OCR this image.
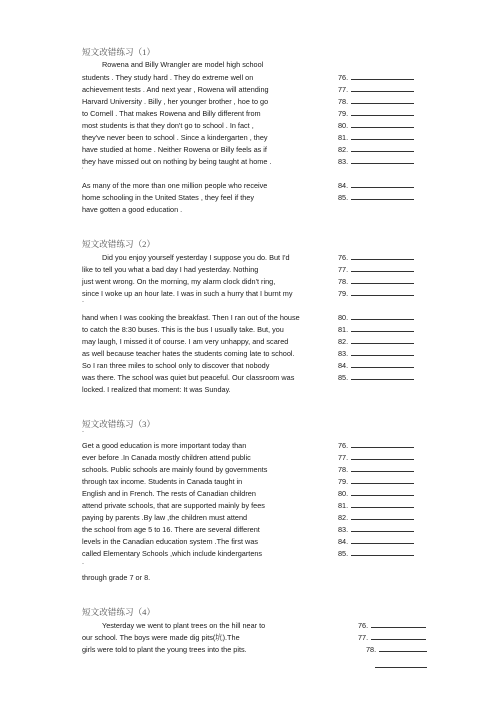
短文改错练习（1）
Rowena and Billy Wrangler are model high school
students . They study hard . They do extreme well on
achievement tests . And next year , Rowena will attending
Harvard University . Billy , her younger brother , hoe to go
to Cornell . That makes Rowena and Billy different from
most students is that they don't go to school . In fact ,
they've never been to school . Since a kindergarten , they
have studied at home . Neither Rowena or Billy feels as if
they have missed out on nothing by being taught at home .
'
As many of the more than one million people who receive
home schooling in the United States , they feel if they
have gotten a good education .
76.
77.
78.
79.
80.
81.
82.
83.
84.
85.
短文改错练习（2）
Did you enjoy yourself yesterday I suppose you do. But I'd
like to tell you what a bad day I had yesterday. Nothing
just went wrong. On the morning, my alarm clock didn't ring,
since I woke up an hour late. I was in such a hurry that I burnt my
-
hand when I was cooking the breakfast. Then I ran out of the house
to catch the 8:30 buses. This is the bus I usually take. But, you
may laugh, I missed it of course. I am very unhappy, and scared
as well because teacher hates the students coming late to school.
So I ran three miles to school only to discover that nobody
was there. The school was quiet but peaceful. Our classroom was
locked. I realized that moment: It was Sunday.
76.
77.
78.
79.
80.
81.
82.
83.
84.
85.
短文改错练习（3）
-
Get a good education is more important today than
ever before .In Canada mostly children attend public
schools. Public schools are mainly found by governments
through tax income. Students in Canada taught in
English and in French. The rests of Canadian children
attend private schools, that are supported mainly by fees
paying by parents .By law ,the children must attend
the school from age 5 to 16. There are several different
levels in the Canadian education system .The first was
called Elementary Schools ,which include kindergartens
-
through grade 7 or 8.
76.
77.
78.
79.
80.
81.
82.
83.
84.
85.
短文改错练习（4）
Yesterday we went to plant trees on the hill near to
our school. The boys were made dig pits(坑).The
girls were told to plant the young trees into the pits.
76.
77.
78.
